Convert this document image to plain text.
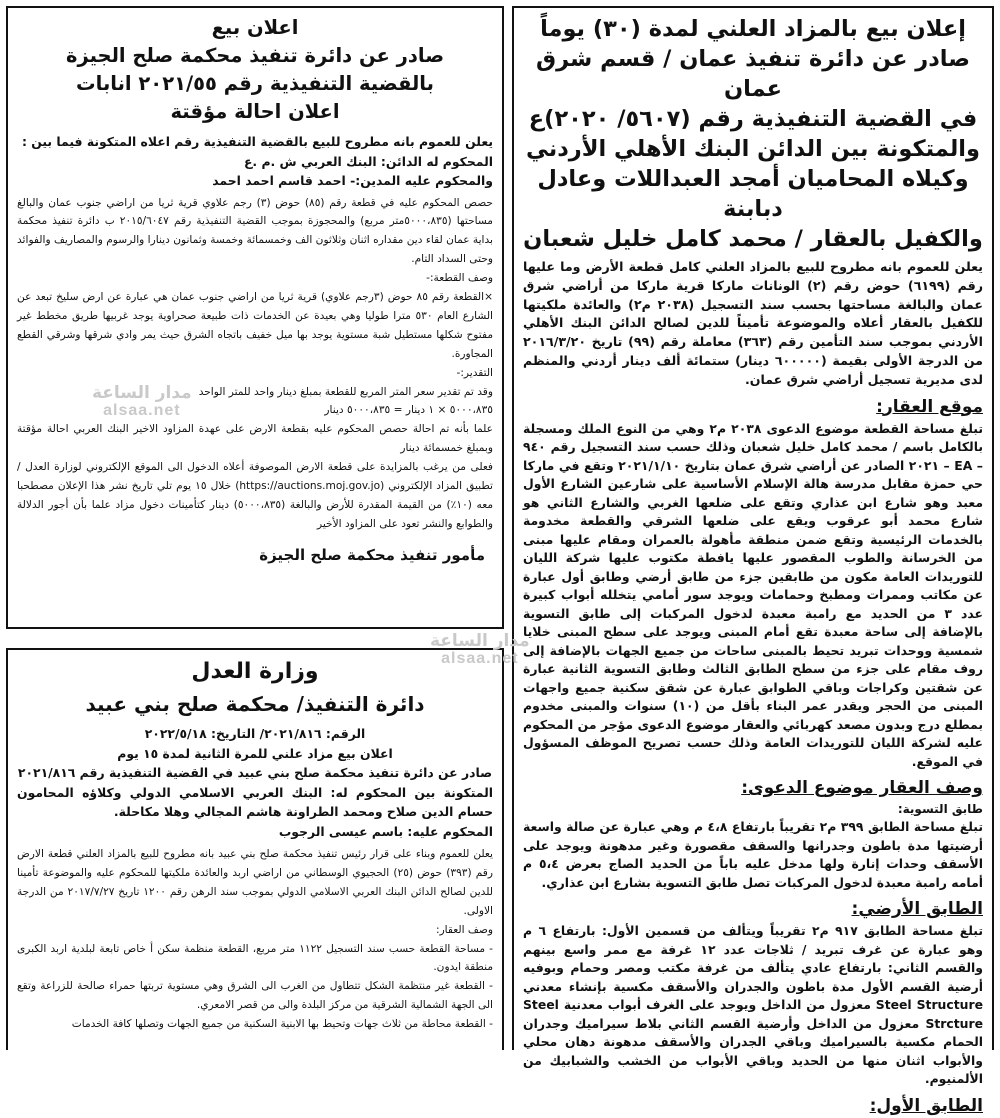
إعلان بيع بالمزاد العلني لمدة (٣٠) يوماً

صادر عن دائرة تنفيذ عمان / قسم شرق عمان

في القضية التنفيذية رقم (٥٦٠٧/ ٢٠٢٠)ع

والمتكونة بين الدائن البنك الأهلي الأردني

وكيلاه المحاميان أمجد العبداللات وعادل دبابنة

والكفيل بالعقار / محمد كامل خليل شعبان

يعلن للعموم بانه مطروح للبيع بالمزاد العلني كامل قطعة الأرض وما عليها رقم (٦١٩٩) حوض رقم (٢) الونانات ماركا قرية ماركا من أراضي شرق عمان والبالغة مساحتها بحسب سند التسجيل (٢٠٣٨ م٢) والعائدة ملكيتها للكفيل بالعقار أعلاه والموضوعة تأميناً للدين لصالح الدائن البنك الأهلي الأردني بموجب سند التأمين رقم (٣٦٣) معاملة رقم (٩٩) تاريخ ٢٠١٦/٣/٢٠ من الدرجة الأولى بقيمة (٦٠٠٠٠٠ دينار) ستمائة ألف دينار أردني والمنظم لدى مديرية تسجيل أراضي شرق عمان.

موقع العقار:

تبلغ مساحة القطعة موضوع الدعوى ٢٠٣٨ م٢ وهي من النوع الملك ومسجلة بالكامل باسم / محمد كامل خليل شعبان وذلك حسب سند التسجيل رقم ٩٤٠ – EA – ٢٠٢١ الصادر عن أراضي شرق عمان بتاريخ ٢٠٢١/١/١٠ وتقع في ماركا حي حمزة مقابل مدرسة هالة الإسلام الأساسية على شارعين الشارع الأول معبد وهو شارع ابن عذاري وتقع على ضلعها الغربي والشارع الثاني هو شارع محمد أبو عرقوب ويقع على ضلعها الشرقي والقطعة مخدومة بالخدمات الرئيسية وتقع ضمن منطقة مأهولة بالعمران ومقام عليها مبنى من الخرسانة والطوب المقصور عليها يافطة مكتوب عليها شركة الليان للتوريدات العامة مكون من طابقين جزء من طابق أرضي وطابق أول عبارة عن مكاتب وممرات ومطبخ وحمامات ويوجد سور أمامي يتخلله أبواب كبيرة عدد ٣ من الحديد مع رامبة معبدة لدخول المركبات إلى طابق التسوية بالإضافة إلى ساحة معبدة تقع أمام المبنى ويوجد على سطح المبنى خلايا شمسية ووحدات تبريد تحيط بالمبنى ساحات من جميع الجهات بالإضافة إلى روف مقام على جزء من سطح الطابق الثالث وطابق التسوية الثانية عبارة عن شقتين وكراجات وباقي الطوابق عبارة عن شقق سكنية جميع واجهات المبنى من الحجر ويقدر عمر البناء بأقل من (١٠) سنوات والمبنى مخدوم بمطلع درج وبدون مصعد كهربائي والعقار موضوع الدعوى مؤجر من المحكوم عليه لشركة الليان للتوريدات العامة وذلك حسب تصريح الموظف المسؤول في الموقع.

وصف العقار موضوع الدعوى:

طابق التسوية:

تبلغ مساحة الطابق ٣٩٩ م٢ تقريباً بارتفاع ٤،٨ م وهي عبارة عن صالة واسعة أرضيتها مدة باطون وجدرانها والسقف مقصورة وغير مدهونة ويوجد على الأسقف وحدات إنارة ولها مدخل عليه باباً من الحديد الصاج بعرض ٥،٤ م أمامه رامبة معبدة لدخول المركبات تصل طابق التسوية بشارع ابن عذاري.

الطابق الأرضي:

تبلغ مساحة الطابق ٩١٧ م٢ تقريباً ويتألف من قسمين الأول: بارتفاع ٦ م وهو عبارة عن غرف تبريد / ثلاجات عدد ١٢ غرفة مع ممر واسع بينهم والقسم الثاني: بارتفاع عادي يتألف من غرفة مكتب ومصر وحمام وبوفيه أرضية القسم الأول مدة باطون والجدران والأسقف مكسية بإنشاء معدني Steel Structure معزول من الداخل ويوجد على الغرف أبواب معدنية Steel Strcture معزول من الداخل وأرضية القسم الثاني بلاط سيراميك وجدران الحمام مكسية بالسيراميك وباقي الجدران والأسقف مدهونة دهان محلي والأبواب اثنان منها من الحديد وباقي الأبواب من الخشب والشبابيك من الألمنيوم.

الطابق الأول:

اعلان بيع

صادر عن دائرة تنفيذ محكمة صلح الجيزة

بالقضية التنفيذية رقم ٢٠٢١/٥٥ انابات

اعلان احالة مؤقتة

يعلن للعموم بانه مطروح للبيع بالقضية التنفيذية رقم اعلاه المتكونة فيما بين :

المحكوم له الدائن: البنك العربي ش .م .ع

والمحكوم عليه المدين:- احمد قاسم احمد احمد

حصص المحكوم عليه في قطعة رقم (٨٥) حوض (٣) رجم علاوي قرية ثريا من اراضي جنوب عمان والبالغ مساحتها (٥٠٠٠،٨٣٥متر مربع) والمحجوزة بموجب القضية التنفيذية رقم ٢٠١٥/٦٠٤٧ ب دائرة تنفيذ محكمة بداية عمان لقاء دين مقداره اثنان وثلاثون الف وخمسمائة وخمسة وثمانون دينارا والرسوم والمصاريف والفوائد وحتى السداد التام.

وصف القطعة:-

×القطعة رقم ٨٥ حوض (٣رجم علاوي) قرية ثريا من اراضي جنوب عمان هي عبارة عن ارض سليخ تبعد عن الشارع العام ٥٣٠ مترا طوليا وهي بعيدة عن الخدمات ذات طبيعة صحراوية يوجد غربيها طريق مخطط غير مفتوح شكلها مستطيل شبة مستوية يوجد بها ميل خفيف باتجاه الشرق حيث يمر وادي شرقها وشرقي القطع المجاورة.

التقدير:-

وقد تم تقدير سعر المتر المربع للقطعة بمبلغ دينار واحد للمتر الواحد

٥٠٠٠،٨٣٥ × ١ دينار = ٥٠٠٠،٨٣٥ دينار

علما بأنه تم احالة حصص المحكوم عليه بقطعة الارض على عهدة المزاود الاخير البنك العربي احالة مؤقتة وبمبلغ خمسمائة دينار

فعلى من يرغب بالمزايدة على قطعة الارض الموصوفة أعلاه الدخول الى الموقع الإلكتروني لوزارة العدل / تطبيق المزاد الإلكتروني (https://auctions.moj.gov.jo) خلال ١٥ يوم تلي تاريخ نشر هذا الإعلان مصطحبا معه (١٠٪) من القيمة المقدرة للأرض والبالغة (٥٠٠٠،٨٣٥) دينار كتأمينات دخول مزاد علما بأن أجور الدلالة والطوابع والنشر تعود على المزاود الأخير

مأمور تنفيذ محكمة صلح الجيزة

وزارة العدل

دائرة التنفيذ/ محكمة صلح بني عبيد

الرقم: ٢٠٢١/٨١٦/ التاريخ: ٢٠٢٢/٥/١٨

اعلان بيع مزاد علني للمرة الثانية لمدة ١٥ يوم

صادر عن دائرة تنفيذ محكمة صلح بني عبيد في القضية التنفيذية رقم ٢٠٢١/٨١٦

المتكونة بين المحكوم له: البنك العربي الاسلامي الدولي وكلاؤه المحامون حسام الدين صلاح ومحمد الطراونة هاشم المجالي وهلا مكاحلة.

المحكوم عليه: باسم عيسى الرجوب

يعلن للعموم وبناء على قرار رئيس تنفيذ محكمة صلح بني عبيد بانه مطروح للبيع بالمزاد العلني قطعة الارض رقم (٣٩٣) حوض (٢٥) الحجيوي الوسطاني من اراضي اربد والعائدة ملكيتها للمحكوم عليه والموضوعة تأمينا للدين لصالح الدائن البنك العربي الاسلامي الدولي بموجب سند الرهن رقم ١٢٠٠ تاريخ ٢٠١٧/٧/٢٧ من الدرجة الاولى.

وصف العقار:

- مساحة القطعة حسب سند التسجيل ١١٢٢ متر مربع، القطعة منظمة سكن أ خاص تابعة لبلدية اربد الكبرى منطقة ايدون.

- القطعة غير منتظمة الشكل تتطاول من الغرب الى الشرق وهي مستوية تربتها حمراء صالحة للزراعة وتقع الى الجهة الشمالية الشرقية من مركز البلدة والى من قصر الامعري.

- القطعة محاطة من ثلاث جهات وتحيط بها الابنية السكنية من جميع الجهات وتصلها كافة الخدمات

مدار الساعة
alsaa.net
مدار الساعة
alsaa.net
